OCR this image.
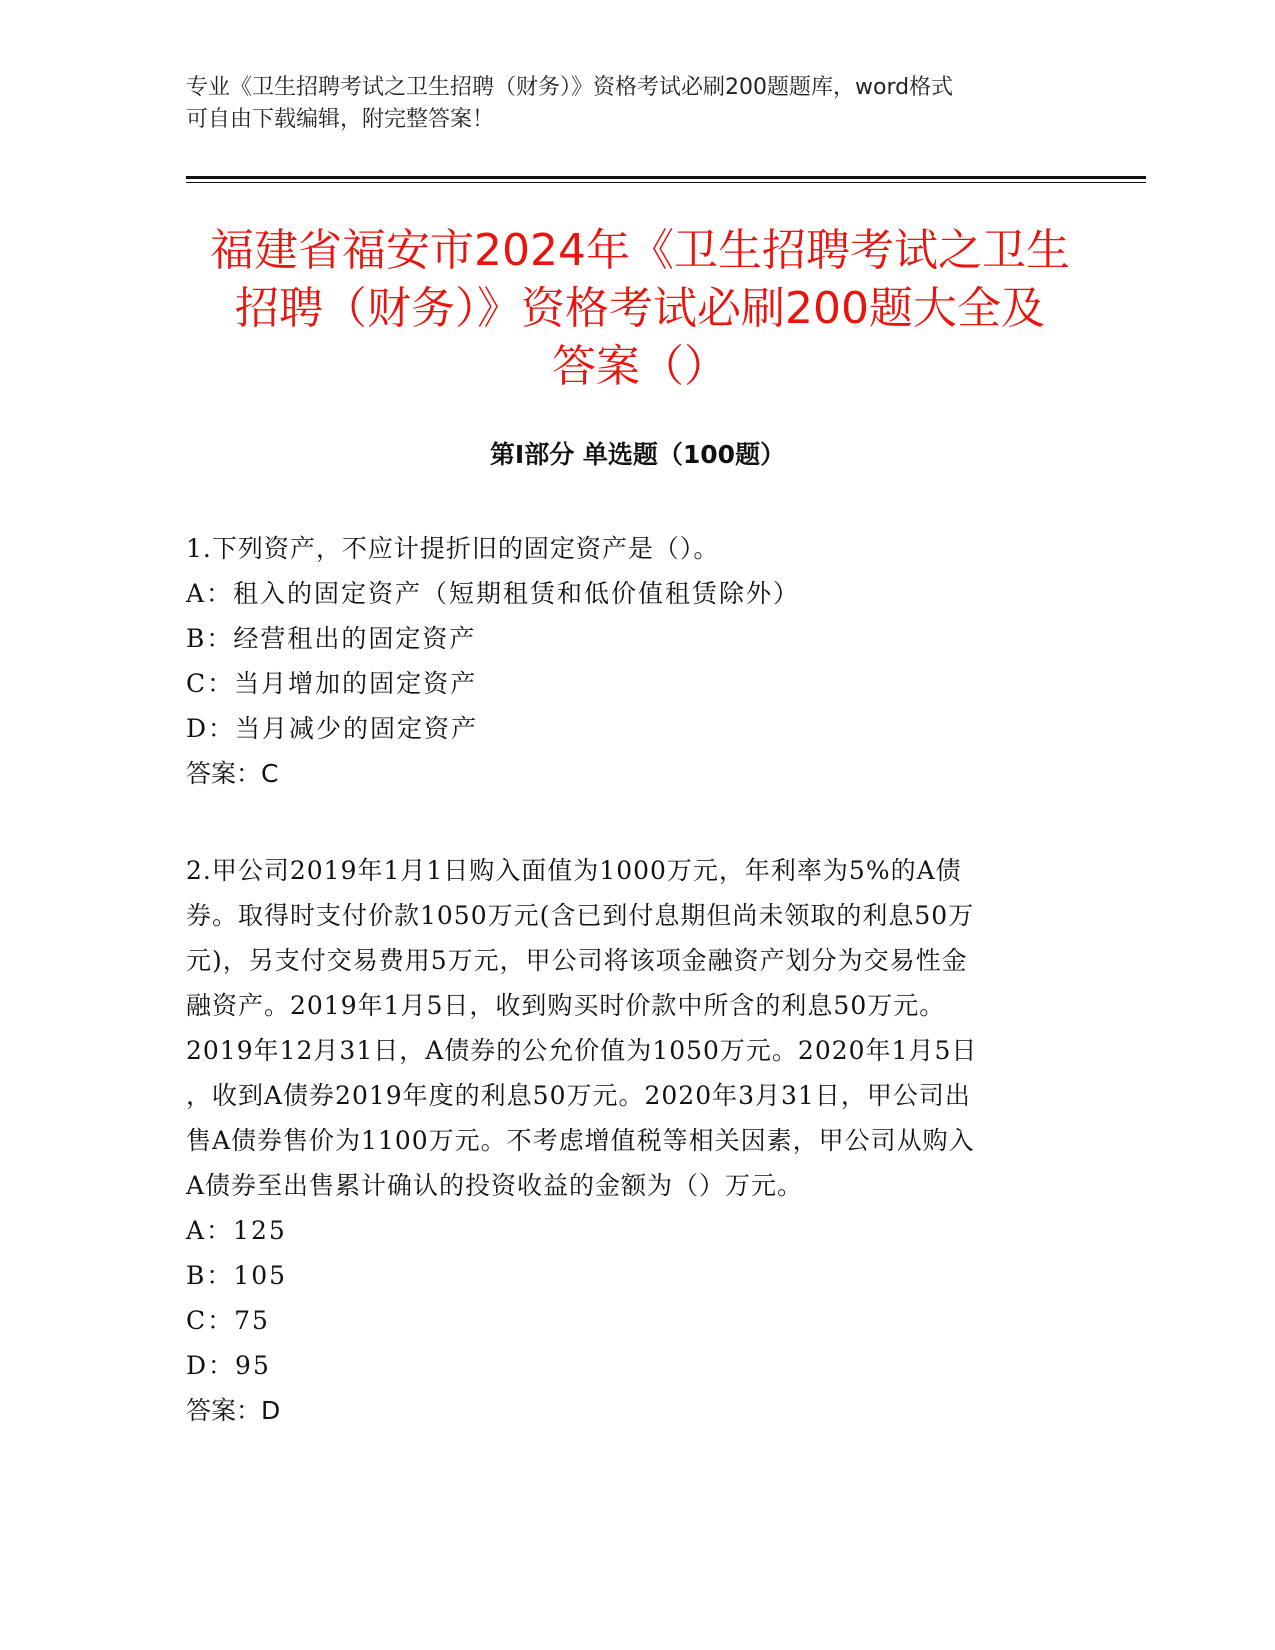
专业《卫生招聘考试之卫生招聘（财务）》资格考试必刷200题题库，word格式
可自由下载编辑，附完整答案！
福建省福安市2024年《卫生招聘考试之卫生
招聘（财务）》资格考试必刷200题大全及
答案（）
第Ⅰ部分 单选题（100题）
1.下列资产，不应计提折旧的固定资产是（）。
A：租入的固定资产（短期租赁和低价值租赁除外）
B：经营租出的固定资产
C：当月增加的固定资产
D：当月减少的固定资产
答案：C
2.甲公司2019年1月1日购入面值为1000万元，年利率为5%的A债
券。取得时支付价款1050万元(含已到付息期但尚未领取的利息50万
元)，另支付交易费用5万元，甲公司将该项金融资产划分为交易性金
融资产。2019年1月5日，收到购买时价款中所含的利息50万元。
2019年12月31日，A债券的公允价值为1050万元。2020年1月5日
，收到A债券2019年度的利息50万元。2020年3月31日，甲公司出
售A债券售价为1100万元。不考虑增值税等相关因素，甲公司从购入
A债券至出售累计确认的投资收益的金额为（）万元。
A：125
B：105
C：75
D：95
答案：D
